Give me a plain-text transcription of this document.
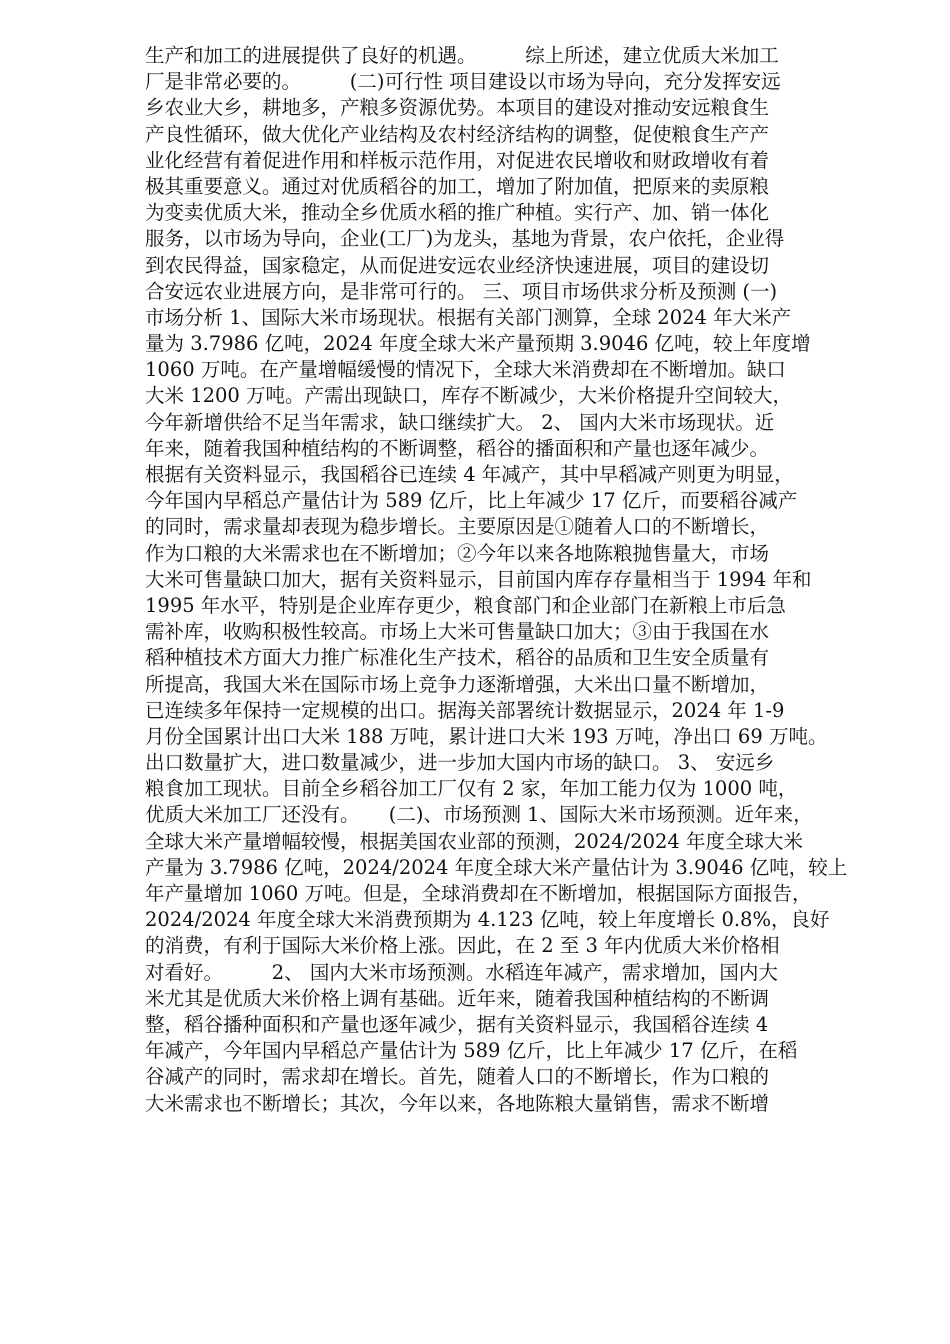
生产和加工的进展提供了良好的机遇。　　　综上所述，建立优质大米加工
厂是非常必要的。　　　(二)可行性 项目建设以市场为导向，充分发挥安远
乡农业大乡，耕地多，产粮多资源优势。本项目的建设对推动安远粮食生
产良性循环，做大优化产业结构及农村经济结构的调整，促使粮食生产产
业化经营有着促进作用和样板示范作用，对促进农民增收和财政增收有着
极其重要意义。通过对优质稻谷的加工，增加了附加值，把原来的卖原粮
为变卖优质大米，推动全乡优质水稻的推广种植。实行产、加、销一体化
服务，以市场为导向，企业(工厂)为龙头，基地为背景，农户依托，企业得
到农民得益，国家稳定，从而促进安远农业经济快速进展，项目的建设切
合安远农业进展方向，是非常可行的。 三、项目市场供求分析及预测 (一)
市场分析 1、国际大米市场现状。根据有关部门测算，全球 2024 年大米产
量为 3.7986 亿吨，2024 年度全球大米产量预期 3.9046 亿吨，较上年度增
1060 万吨。在产量增幅缓慢的情况下，全球大米消费却在不断增加。缺口
大米 1200 万吨。产需出现缺口，库存不断减少，大米价格提升空间较大，
今年新增供给不足当年需求，缺口继续扩大。 2、 国内大米市场现状。近
年来，随着我国种植结构的不断调整，稻谷的播面积和产量也逐年减少。
根据有关资料显示，我国稻谷已连续 4 年减产，其中早稻减产则更为明显，
今年国内早稻总产量估计为 589 亿斤，比上年减少 17 亿斤，而要稻谷减产
的同时，需求量却表现为稳步增长。主要原因是①随着人口的不断增长，
作为口粮的大米需求也在不断增加；②今年以来各地陈粮抛售量大，市场
大米可售量缺口加大，据有关资料显示，目前国内库存存量相当于 1994 年和
1995 年水平，特别是企业库存更少，粮食部门和企业部门在新粮上市后急
需补库，收购积极性较高。市场上大米可售量缺口加大；③由于我国在水
稻种植技术方面大力推广标准化生产技术，稻谷的品质和卫生安全质量有
所提高，我国大米在国际市场上竞争力逐渐增强，大米出口量不断增加，
已连续多年保持一定规模的出口。据海关部署统计数据显示，2024 年 1-9
月份全国累计出口大米 188 万吨，累计进口大米 193 万吨，净出口 69 万吨。
出口数量扩大，进口数量减少，进一步加大国内市场的缺口。 3、 安远乡
粮食加工现状。目前全乡稻谷加工厂仅有 2 家，年加工能力仅为 1000 吨，
优质大米加工厂还没有。　　(二)、市场预测 1、国际大米市场预测。近年来，
全球大米产量增幅较慢，根据美国农业部的预测，2024/2024 年度全球大米
产量为 3.7986 亿吨，2024/2024 年度全球大米产量估计为 3.9046 亿吨，较上
年产量增加 1060 万吨。但是，全球消费却在不断增加，根据国际方面报告，
2024/2024 年度全球大米消费预期为 4.123 亿吨，较上年度增长 0.8%，良好
的消费，有利于国际大米价格上涨。因此，在 2 至 3 年内优质大米价格相
对看好。　　　2、 国内大米市场预测。水稻连年减产，需求增加，国内大
米尤其是优质大米价格上调有基础。近年来，随着我国种植结构的不断调
整，稻谷播种面积和产量也逐年减少，据有关资料显示，我国稻谷连续 4
年减产，今年国内早稻总产量估计为 589 亿斤，比上年减少 17 亿斤，在稻
谷减产的同时，需求却在增长。首先，随着人口的不断增长，作为口粮的
大米需求也不断增长；其次，今年以来，各地陈粮大量销售，需求不断增
